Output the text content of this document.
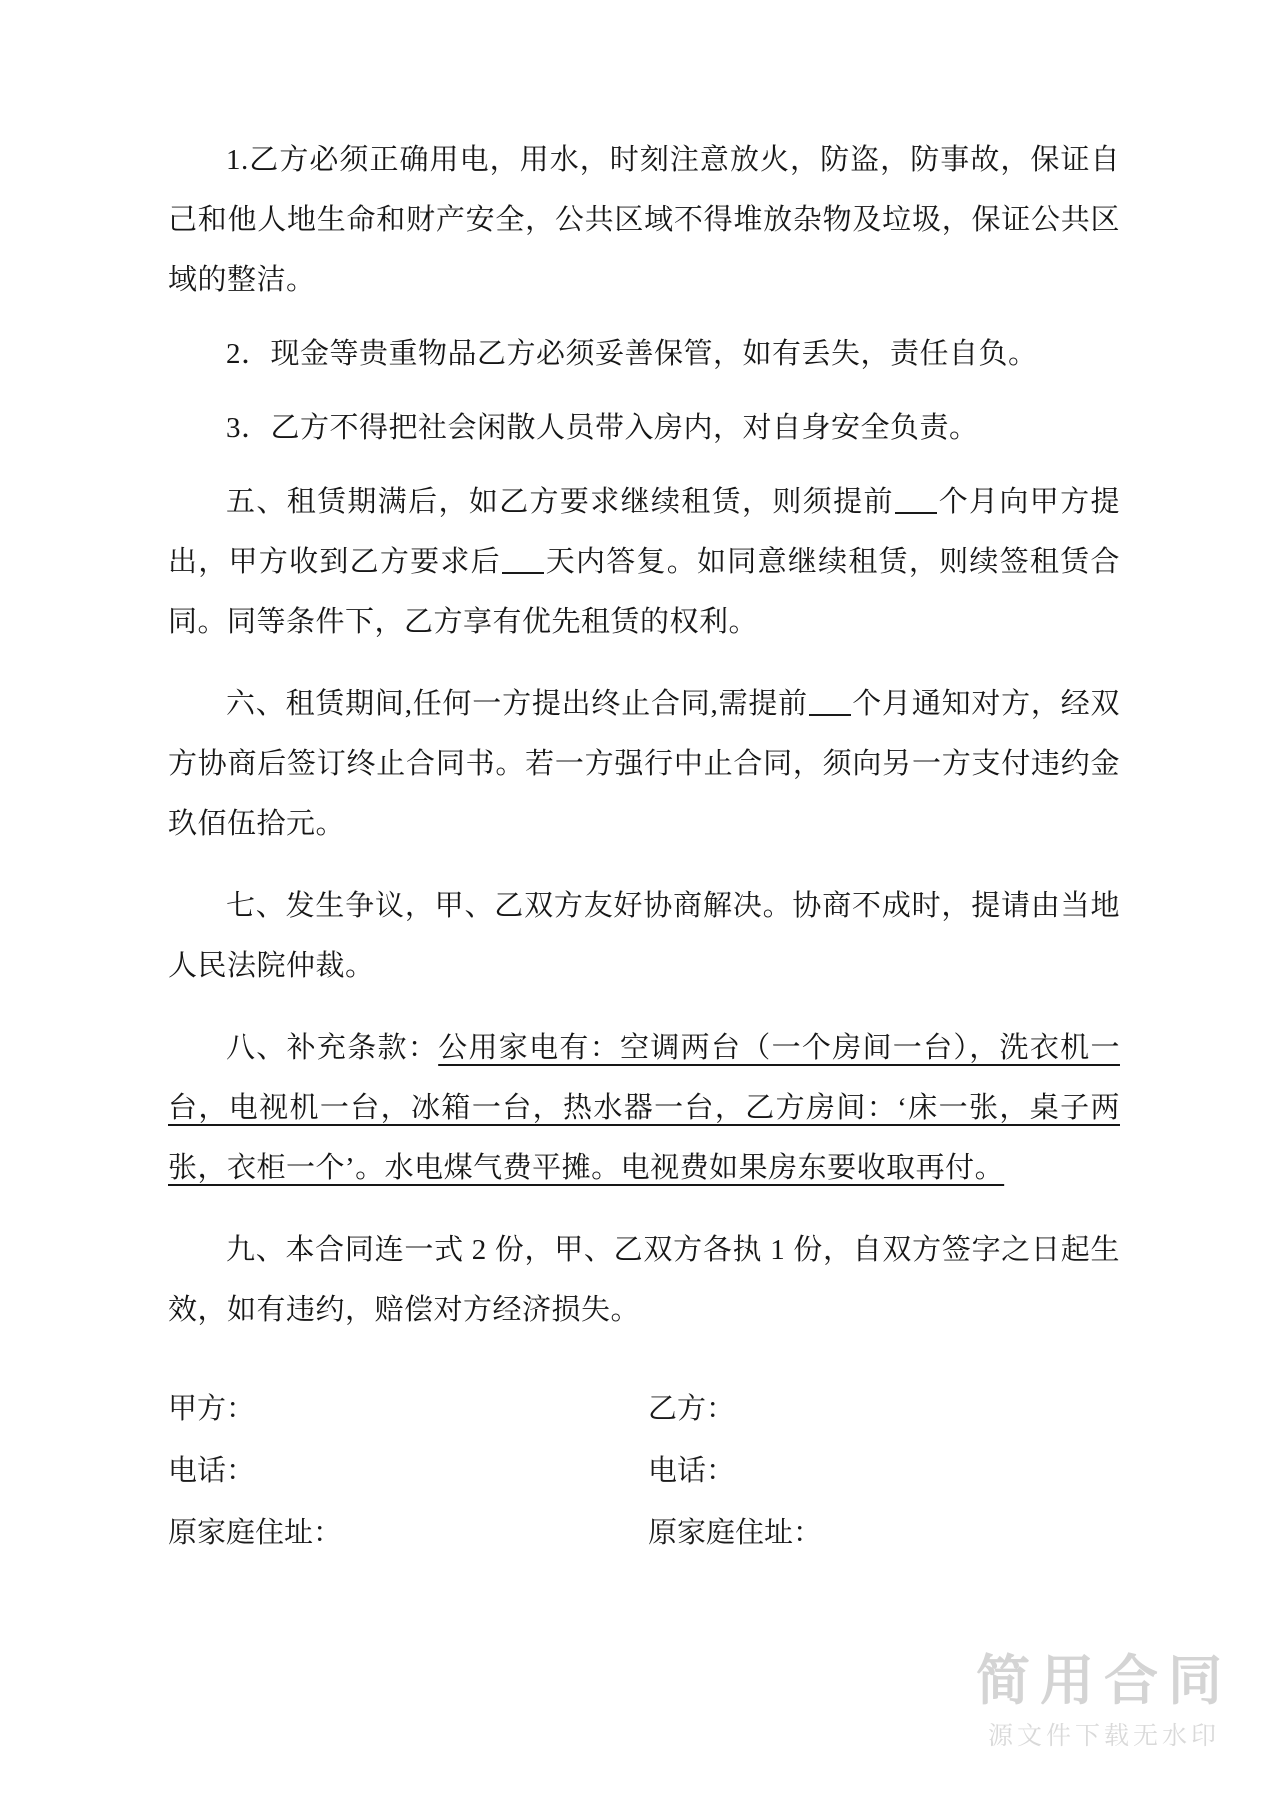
1.乙方必须正确用电，用水，时刻注意放火，防盗，防事故，保证自己和他人地生命和财产安全，公共区域不得堆放杂物及垃圾，保证公共区域的整洁。

2．现金等贵重物品乙方必须妥善保管，如有丢失，责任自负。

3．乙方不得把社会闲散人员带入房内，对自身安全负责。

五、租赁期满后，如乙方要求继续租赁，则须提前 个月向甲方提出，甲方收到乙方要求后 天内答复。如同意继续租赁，则续签租赁合同。同等条件下，乙方享有优先租赁的权利。

六、租赁期间,任何一方提出终止合同,需提前 个月通知对方，经双方协商后签订终止合同书。若一方强行中止合同，须向另一方支付违约金玖佰伍拾元。

七、发生争议，甲、乙双方友好协商解决。协商不成时，提请由当地人民法院仲裁。

八、补充条款：公用家电有：空调两台（一个房间一台），洗衣机一台，电视机一台，冰箱一台，热水器一台，乙方房间：‘床一张，桌子两张，衣柜一个’。水电煤气费平摊。电视费如果房东要收取再付。

九、本合同连一式 2 份，甲、乙双方各执 1 份，自双方签字之日起生效，如有违约，赔偿对方经济损失。

甲方：	乙方：
电话：	电话：
原家庭住址：	原家庭住址：
简用合同
源文件下载无水印
